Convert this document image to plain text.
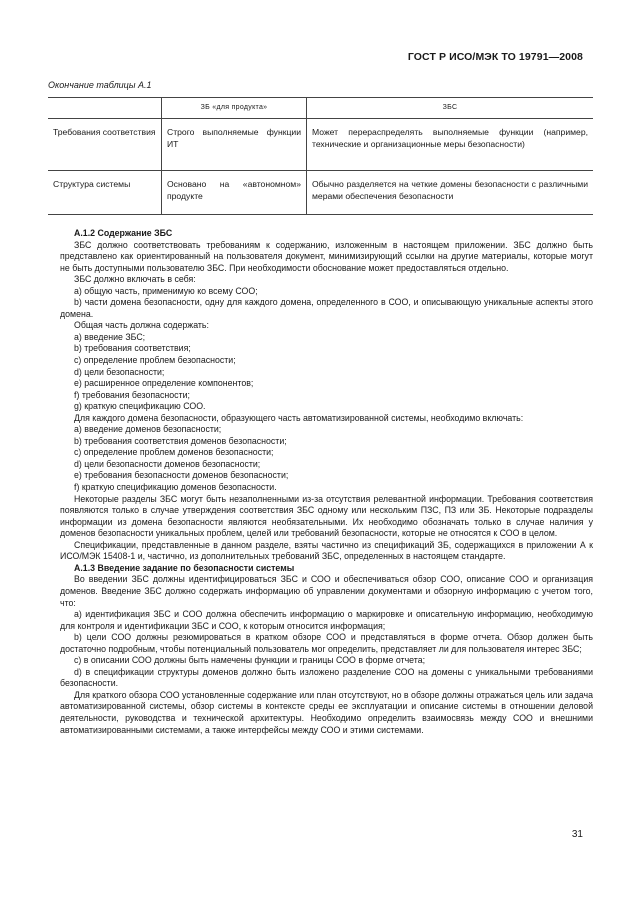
ГОСТ Р ИСО/МЭК ТО 19791—2008
Окончание таблицы А.1
	ЗБ «для продукта»	ЗБС
Требования соответствия	Строго выполняемые функции ИТ	Может перераспределять выполняемые функции (например, технические и организационные меры безопасности)
Структура системы	Основано на «автономном» продукте	Обычно разделяется на четкие домены безопасности с различными мерами обеспечения безопасности
А.1.2 Содержание ЗБС

ЗБС должно соответствовать требованиям к содержанию, изложенным в настоящем приложении. ЗБС должно быть представлено как ориентированный на пользователя документ, минимизирующий ссылки на другие материалы, которые могут не быть доступными пользователю ЗБС. При необходимости обоснование может предоставляться отдельно.

ЗБС должно включать в себя:

а) общую часть, применимую ко всему СОО;

b) части домена безопасности, одну для каждого домена, определенного в СОО, и описывающую уникальные аспекты этого домена.

Общая часть должна содержать:

а) введение ЗБС;

b) требования соответствия;

с) определение проблем безопасности;

d) цели безопасности;

e) расширенное определение компонентов;

f) требования безопасности;

g) краткую спецификацию СОО.

Для каждого домена безопасности, образующего часть автоматизированной системы, необходимо включать:

а) введение доменов безопасности;

b) требования соответствия доменов безопасности;

с) определение проблем доменов безопасности;

d) цели безопасности доменов безопасности;

e) требования безопасности доменов безопасности;

f) краткую спецификацию доменов безопасности.

Некоторые разделы ЗБС могут быть незаполненными из-за отсутствия релевантной информации. Требования соответствия появляются только в случае утверждения соответствия ЗБС одному или нескольким ПЗС, ПЗ или ЗБ. Некоторые подразделы информации из домена безопасности являются необязательными. Их необходимо обозначать только в случае наличия у доменов безопасности уникальных проблем, целей или требований безопасности, которые не относятся к СОО в целом.

Спецификации, представленные в данном разделе, взяты частично из спецификаций ЗБ, содержащихся в приложении А к ИСО/МЭК 15408-1 и, частично, из дополнительных требований ЗБС, определенных в настоящем стандарте.

А.1.3 Введение задание по безопасности системы

Во введении ЗБС должны идентифицироваться ЗБС и СОО и обеспечиваться обзор СОО, описание СОО и организация доменов. Введение ЗБС должно содержать информацию об управлении документами и обзорную информацию с учетом того, что:

а) идентификация ЗБС и СОО должна обеспечить информацию о маркировке и описательную информацию, необходимую для контроля и идентификации ЗБС и СОО, к которым относится информация;

b) цели СОО должны резюмироваться в кратком обзоре СОО и представляться в форме отчета. Обзор должен быть достаточно подробным, чтобы потенциальный пользователь мог определить, представляет ли для пользователя интерес ЗБС;

с) в описании СОО должны быть намечены функции и границы СОО в форме отчета;

d) в спецификации структуры доменов должно быть изложено разделение СОО на домены с уникальными требованиями безопасности.

Для краткого обзора СОО установленные содержание или план отсутствуют, но в обзоре должны отражаться цель или задача автоматизированной системы, обзор системы в контексте среды ее эксплуатации и описание системы в отношении деловой деятельности, руководства и технической архитектуры. Необходимо определить взаимосвязь между СОО и внешними автоматизированными системами, а также интерфейсы между СОО и этими системами.

31
